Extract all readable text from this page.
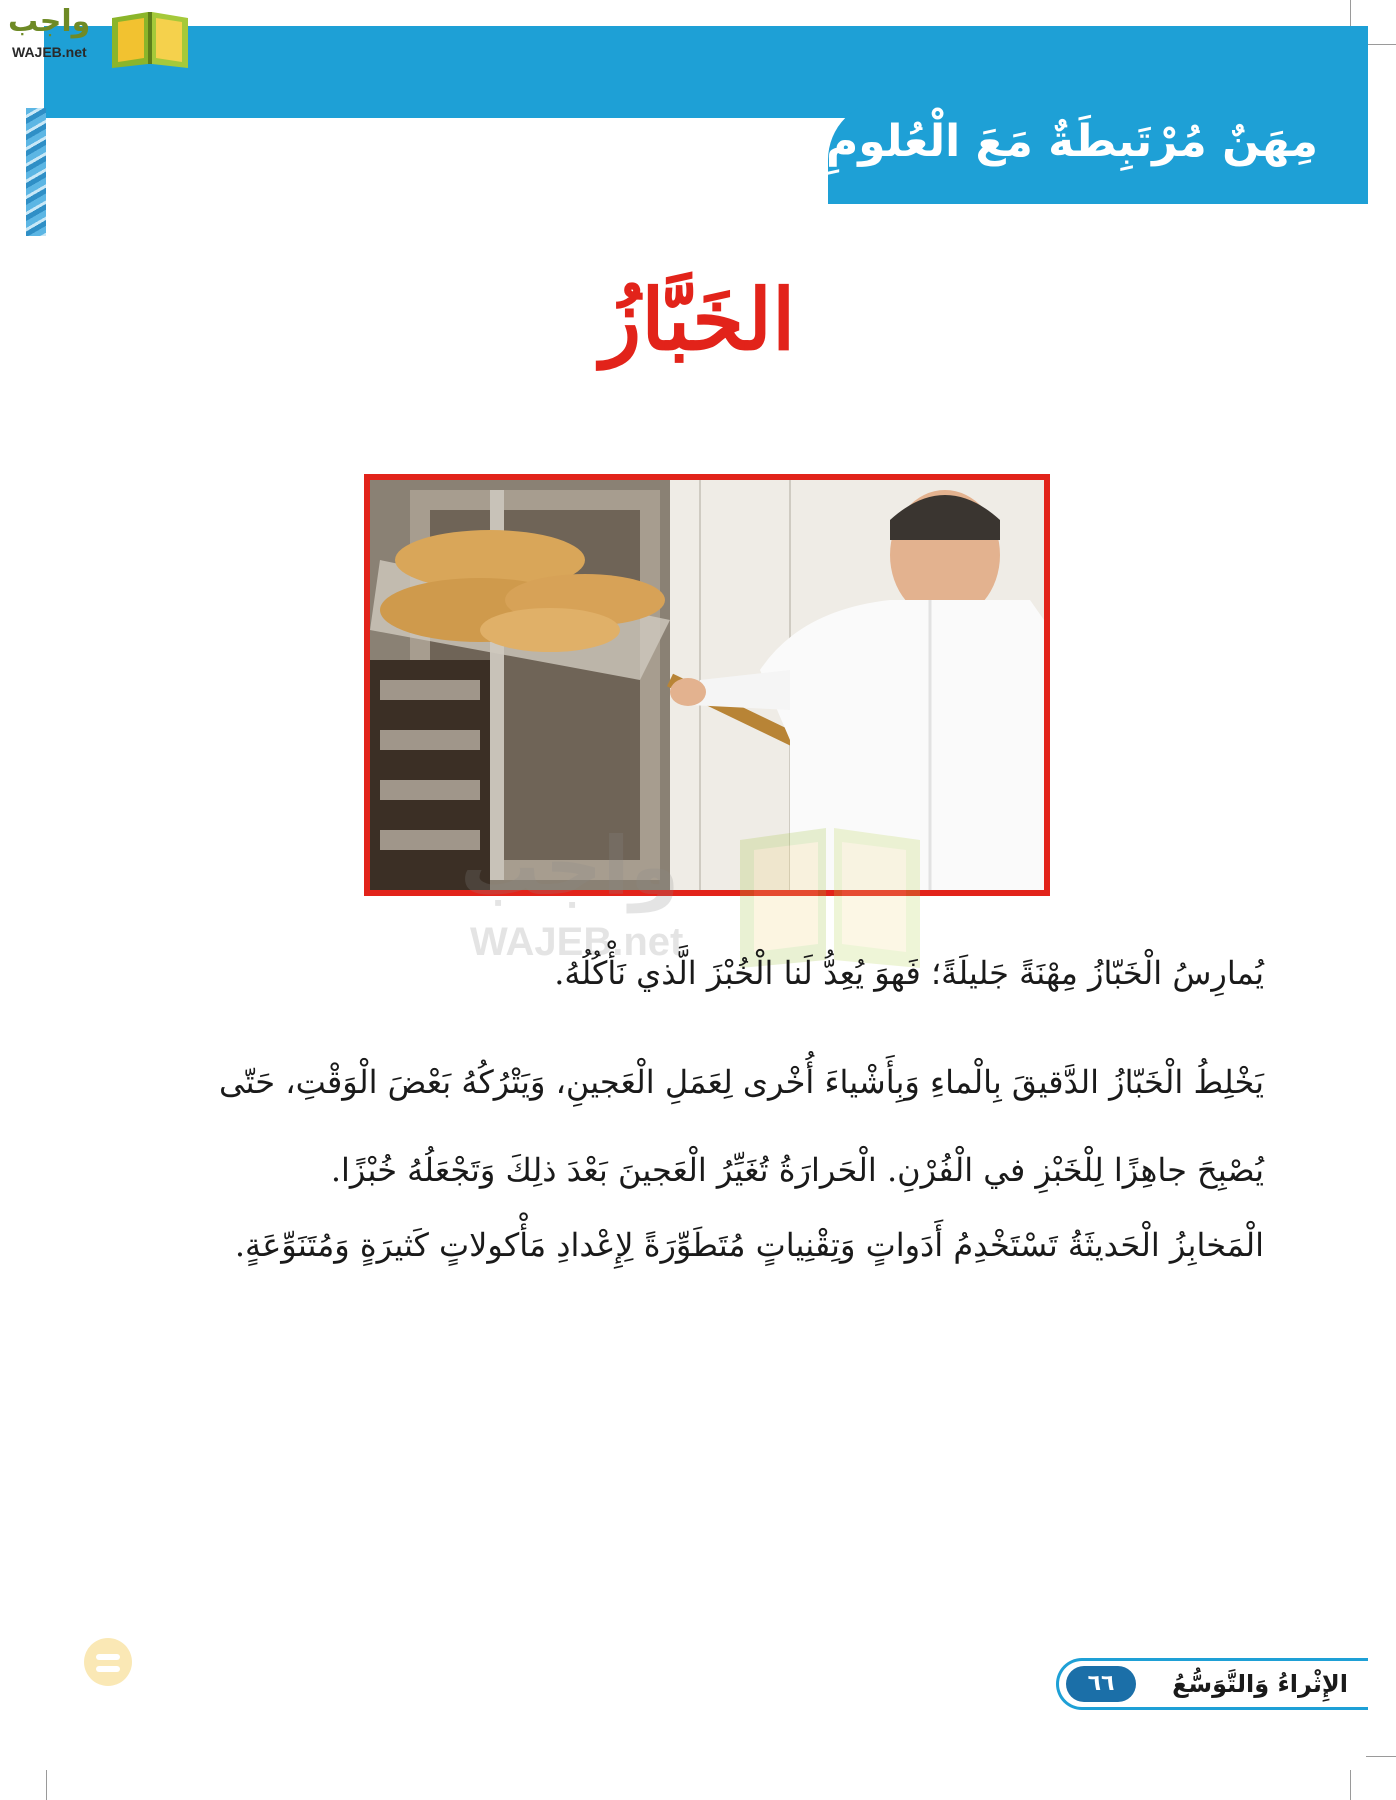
مِهَنٌ مُرْتَبِطَةٌ مَعَ الْعُلومِ
واجب
WAJEB.net
الخَبَّازُ
واجب
WAJEB.net
يُمارِسُ الْخَبّازُ مِهْنَةً جَليلَةً؛ فَهوَ يُعِدُّ لَنا الْخُبْزَ الَّذي نَأْكُلُهُ.
يَخْلِطُ الْخَبّازُ الدَّقيقَ بِالْماءِ وَبِأَشْياءَ أُخْرى لِعَمَلِ الْعَجينِ، وَيَتْرُكُهُ بَعْضَ الْوَقْتِ، حَتّى يُصْبِحَ جاهِزًا لِلْخَبْزِ في الْفُرْنِ. الْحَرارَةُ تُغَيِّرُ الْعَجينَ بَعْدَ ذلِكَ وَتَجْعَلُهُ خُبْزًا.
الْمَخابِزُ الْحَديثَةُ تَسْتَخْدِمُ أَدَواتٍ وَتِقْنِياتٍ مُتَطَوِّرَةً لِإِعْدادِ مَأْكولاتٍ كَثيرَةٍ وَمُتَنَوِّعَةٍ.
٦٦	الإِثْراءُ وَالتَّوَسُّعُ
